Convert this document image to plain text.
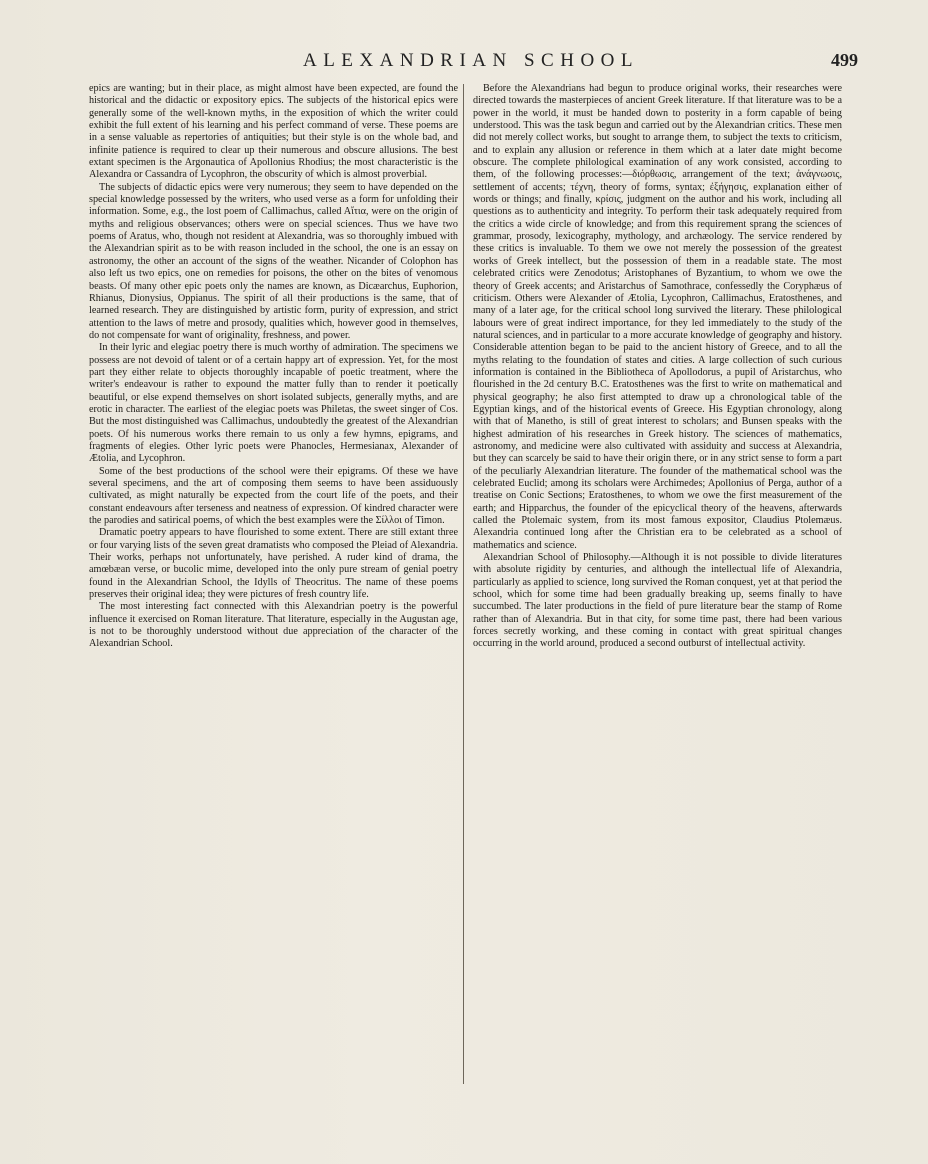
ALEXANDRIAN SCHOOL	499

epics are wanting; but in their place, as might almost have been expected, are found the historical and the didactic or expository epics. The subjects of the historical epics were generally some of the well-known myths, in the exposition of which the writer could exhibit the full extent of his learning and his perfect command of verse. These poems are in a sense valuable as repertories of antiquities; but their style is on the whole bad, and infinite patience is required to clear up their numerous and obscure allusions. The best extant specimen is the Argonautica of Apollonius Rhodius; the most characteristic is the Alexandra or Cassandra of Lycophron, the obscurity of which is almost proverbial.

The subjects of didactic epics were very numerous; they seem to have depended on the special knowledge possessed by the writers, who used verse as a form for unfolding their information. Some, e.g., the lost poem of Callimachus, called Aἴτια, were on the origin of myths and religious observances; others were on special sciences. Thus we have two poems of Aratus, who, though not resident at Alexandria, was so thoroughly imbued with the Alexandrian spirit as to be with reason included in the school, the one is an essay on astronomy, the other an account of the signs of the weather. Nicander of Colophon has also left us two epics, one on remedies for poisons, the other on the bites of venomous beasts. Of many other epic poets only the names are known, as Dicæarchus, Euphorion, Rhianus, Dionysius, Oppianus. The spirit of all their productions is the same, that of learned research. They are distinguished by artistic form, purity of expression, and strict attention to the laws of metre and prosody, qualities which, however good in themselves, do not compensate for want of originality, freshness, and power.

In their lyric and elegiac poetry there is much worthy of admiration. The specimens we possess are not devoid of talent or of a certain happy art of expression. Yet, for the most part they either relate to objects thoroughly incapable of poetic treatment, where the writer's endeavour is rather to expound the matter fully than to render it poetically beautiful, or else expend themselves on short isolated subjects, generally myths, and are erotic in character. The earliest of the elegiac poets was Philetas, the sweet singer of Cos. But the most distinguished was Callimachus, undoubtedly the greatest of the Alexandrian poets. Of his numerous works there remain to us only a few hymns, epigrams, and fragments of elegies. Other lyric poets were Phanocles, Hermesianax, Alexander of Ætolia, and Lycophron.

Some of the best productions of the school were their epigrams. Of these we have several specimens, and the art of composing them seems to have been assiduously cultivated, as might naturally be expected from the court life of the poets, and their constant endeavours after terseness and neatness of expression. Of kindred character were the parodies and satirical poems, of which the best examples were the Σίλλοι of Timon.

Dramatic poetry appears to have flourished to some extent. There are still extant three or four varying lists of the seven great dramatists who composed the Pleiad of Alexandria. Their works, perhaps not unfortunately, have perished. A ruder kind of drama, the amœbæan verse, or bucolic mime, developed into the only pure stream of genial poetry found in the Alexandrian School, the Idylls of Theocritus. The name of these poems preserves their original idea; they were pictures of fresh country life.

The most interesting fact connected with this Alexandrian poetry is the powerful influence it exercised on Roman literature. That literature, especially in the Augustan age, is not to be thoroughly understood without due appreciation of the character of the Alexandrian School.

Before the Alexandrians had begun to produce original works, their researches were directed towards the masterpieces of ancient Greek literature. If that literature was to be a power in the world, it must be handed down to posterity in a form capable of being understood. This was the task begun and carried out by the Alexandrian critics. These men did not merely collect works, but sought to arrange them, to subject the texts to criticism, and to explain any allusion or reference in them which at a later date might become obscure. The complete philological examination of any work consisted, according to them, of the following processes:—διόρθωσις, arrangement of the text; ἀνάγνωσις, settlement of accents; τέχνη, theory of forms, syntax; ἐξήγησις, explanation either of words or things; and finally, κρίσις, judgment on the author and his work, including all questions as to authenticity and integrity. To perform their task adequately required from the critics a wide circle of knowledge; and from this requirement sprang the sciences of grammar, prosody, lexicography, mythology, and archæology. The service rendered by these critics is invaluable. To them we owe not merely the possession of the greatest works of Greek intellect, but the possession of them in a readable state. The most celebrated critics were Zenodotus; Aristophanes of Byzantium, to whom we owe the theory of Greek accents; and Aristarchus of Samothrace, confessedly the Coryphæus of criticism. Others were Alexander of Ætolia, Lycophron, Callimachus, Eratosthenes, and many of a later age, for the critical school long survived the literary. These philological labours were of great indirect importance, for they led immediately to the study of the natural sciences, and in particular to a more accurate knowledge of geography and history. Considerable attention began to be paid to the ancient history of Greece, and to all the myths relating to the foundation of states and cities. A large collection of such curious information is contained in the Bibliotheca of Apollodorus, a pupil of Aristarchus, who flourished in the 2d century B.C. Eratosthenes was the first to write on mathematical and physical geography; he also first attempted to draw up a chronological table of the Egyptian kings, and of the historical events of Greece. His Egyptian chronology, along with that of Manetho, is still of great interest to scholars; and Bunsen speaks with the highest admiration of his researches in Greek history. The sciences of mathematics, astronomy, and medicine were also cultivated with assiduity and success at Alexandria, but they can scarcely be said to have their origin there, or in any strict sense to form a part of the peculiarly Alexandrian literature. The founder of the mathematical school was the celebrated Euclid; among its scholars were Archimedes; Apollonius of Perga, author of a treatise on Conic Sections; Eratosthenes, to whom we owe the first measurement of the earth; and Hipparchus, the founder of the epicyclical theory of the heavens, afterwards called the Ptolemaic system, from its most famous expositor, Claudius Ptolemæus. Alexandria continued long after the Christian era to be celebrated as a school of mathematics and science.

Alexandrian School of Philosophy.—Although it is not possible to divide literatures with absolute rigidity by centuries, and although the intellectual life of Alexandria, particularly as applied to science, long survived the Roman conquest, yet at that period the school, which for some time had been gradually breaking up, seems finally to have succumbed. The later productions in the field of pure literature bear the stamp of Rome rather than of Alexandria. But in that city, for some time past, there had been various forces secretly working, and these coming in contact with great spiritual changes occurring in the world around, produced a second outburst of intellectual activity.
